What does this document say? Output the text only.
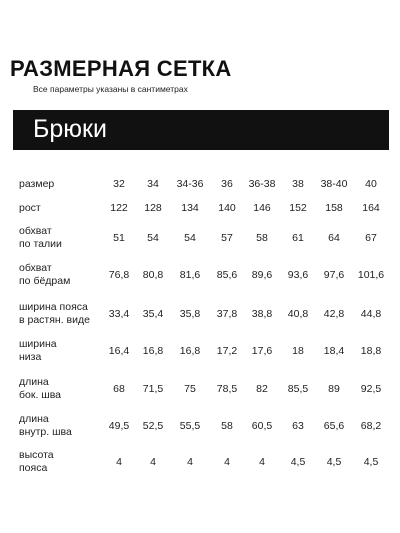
РАЗМЕРНАЯ СЕТКА
Все параметры указаны в сантиметрах
Брюки
размер	32	34	34-36	36	36-38	38	38-40	40
рост	122	128	134	140	146	152	158	164
обхват
по талии
51	54	54	57	58	61	64	67
обхват
по бёдрам
76,8	80,8	81,6	85,6	89,6	93,6	97,6	101,6
ширина пояса
в растян. виде
33,4	35,4	35,8	37,8	38,8	40,8	42,8	44,8
ширина
низа
16,4	16,8	16,8	17,2	17,6	18	18,4	18,8
длина
бок. шва
68	71,5	75	78,5	82	85,5	89	92,5
длина
внутр. шва
49,5	52,5	55,5	58	60,5	63	65,6	68,2
высота
пояса
4	4	4	4	4	4,5	4,5	4,5
